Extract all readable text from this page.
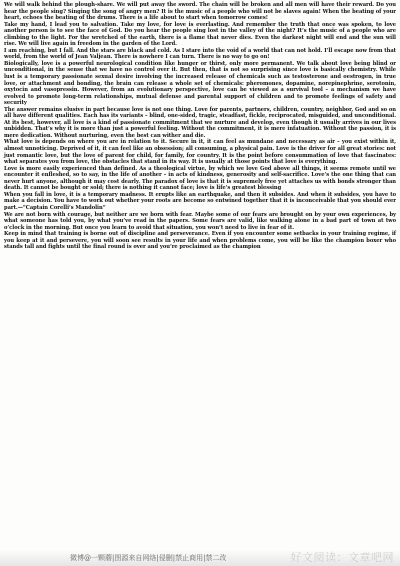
We will walk behind the plough-share. We will put away the sword. The chain will be broken and all men will have their reward. Do you hear the people sing? Singing the song of angry men? It is the music of a people who will not be slaves again! When the beating of your heart, echoes the beating of the drums. There is a life about to start when tomorrow comes!

Take my hand, I lead you to salvation. Take my love, for love is everlasting. And remember the truth that once was spoken, to love another person is to see the face of God. Do you hear the people sing lost in the valley of the night? It’s the music of a people who are climbing to the light. For the wretched of the earth, there is a flame that never dies. Even the darkest night will end and the sun will rise. We will live again in freedom in the garden of the Lord.

I am reaching, but I fall. And the stars are black and cold. As I stare into the void of a world that can not hold. I’ll escape now from that world, from the world of Jean Valjean. There is nowhere I can turn. There is no way to go on!

Biologically, love is a powerful neurological condition like hunger or thirst, only more permanent. We talk about love being blind or unconditional, in the sense that we have no control over it. But then, that is not so surprising since love is basically chemistry. While lust is a temporary passionate sexual desire involving the increased release of chemicals such as testosterone and oestrogen, in true love, or attachment and bonding, the brain can release a whole set of chemicals: pheromones, dopamine, norepinephrine, serotonin, oxytocin and vasopressin. However, from an evolutionary perspective, love can be viewed as a survival tool – a mechanism we have evolved to promote long-term relationships, mutual defense and parental support of children and to promote feelings of safety and security

The answer remains elusive in part because love is not one thing. Love for parents, partners, children, country, neighbor, God and so on all have different qualities. Each has its variants – blind, one-sided, tragic, steadfast, fickle, reciprocated, misguided, and unconditional. At its best, however, all love is a kind of passionate commitment that we nurture and develop, even though it usually arrives in our lives unbidden. That’s why it is more than just a powerful feeling. Without the commitment, it is mere infatuation. Without the passion, it is mere dedication. Without nurturing, even the best can wither and die.

What love is depends on where you are in relation to it. Secure in it, it can feel as mundane and necessary as air – you exist within it, almost unnoticing. Deprived of it, it can feel like an obsession; all consuming, a physical pain. Love is the driver for all great stories: not just romantic love, but the love of parent for child, for family, for country. It is the point before consummation of love that fascinates: what separates you from love, the obstacles that stand in its way. It is usually at those points that love is everything.

Love is more easily experienced than defined. As a theological virtue, by which we love God above all things, it seems remote until we encounter it enfleshed, so to say, in the life of another – in acts of kindness, generosity and self-sacrifice. Love’s the one thing that can never hurt anyone, although it may cost dearly. The paradox of love is that it is supremely free yet attaches us with bonds stronger than death. It cannot be bought or sold; there is nothing it cannot face; love is life’s greatest blessing

When you fall in love, it is a temporary madness. It erupts like an earthquake, and then it subsides. And when it subsides, you have to make a decision. You have to work out whether your roots are become so entwined together that it is inconceivable that you should ever part.—“Captain Corelli’s Mandolin”

We are not born with courage, but neither are we born with fear. Maybe some of our fears are brought on by your own experiences, by what someone has told you, by what you’ve read in the papers. Some fears are valid, like walking alone in a bad part of town at two o’clock in the morning. But once you learn to avoid that situation, you won’t need to live in fear of it.

Keep in mind that training is borne out of discipline and perseverance. Even if you encounter some setbacks in your training regime, if you keep at it and persevere, you will soon see results in your life and when problems come, you will be like the champion boxer who stands tall and fights until the final round is over and you’re proclaimed as the champion

微博@一颗蘑|图源来自网络|侵删|禁止商用|禁二改	好文阅读：文章吧网
